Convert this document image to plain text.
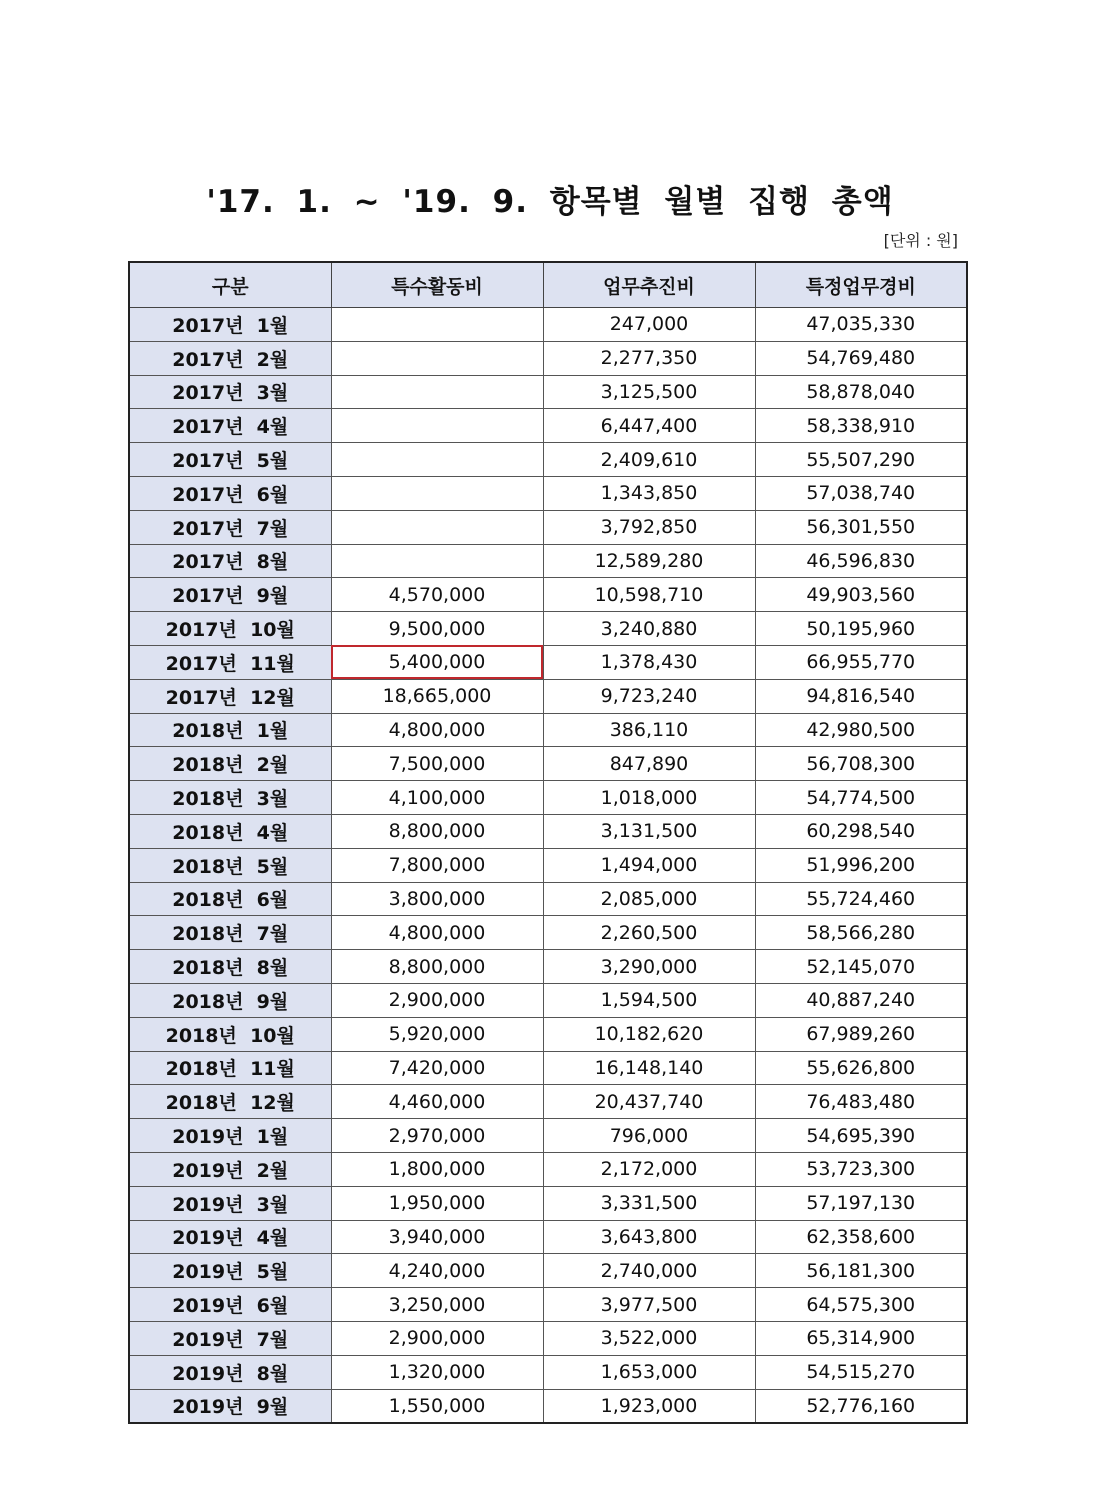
'17. 1. ~ '19. 9. 항목별 월별 집행 총액
[단위 : 원]
구분	특수활동비	업무추진비	특정업무경비
2017년  1월		247,000	47,035,330
2017년  2월		2,277,350	54,769,480
2017년  3월		3,125,500	58,878,040
2017년  4월		6,447,400	58,338,910
2017년  5월		2,409,610	55,507,290
2017년  6월		1,343,850	57,038,740
2017년  7월		3,792,850	56,301,550
2017년  8월		12,589,280	46,596,830
2017년  9월	4,570,000	10,598,710	49,903,560
2017년  10월	9,500,000	3,240,880	50,195,960
2017년  11월	5,400,000	1,378,430	66,955,770
2017년  12월	18,665,000	9,723,240	94,816,540
2018년  1월	4,800,000	386,110	42,980,500
2018년  2월	7,500,000	847,890	56,708,300
2018년  3월	4,100,000	1,018,000	54,774,500
2018년  4월	8,800,000	3,131,500	60,298,540
2018년  5월	7,800,000	1,494,000	51,996,200
2018년  6월	3,800,000	2,085,000	55,724,460
2018년  7월	4,800,000	2,260,500	58,566,280
2018년  8월	8,800,000	3,290,000	52,145,070
2018년  9월	2,900,000	1,594,500	40,887,240
2018년  10월	5,920,000	10,182,620	67,989,260
2018년  11월	7,420,000	16,148,140	55,626,800
2018년  12월	4,460,000	20,437,740	76,483,480
2019년  1월	2,970,000	796,000	54,695,390
2019년  2월	1,800,000	2,172,000	53,723,300
2019년  3월	1,950,000	3,331,500	57,197,130
2019년  4월	3,940,000	3,643,800	62,358,600
2019년  5월	4,240,000	2,740,000	56,181,300
2019년  6월	3,250,000	3,977,500	64,575,300
2019년  7월	2,900,000	3,522,000	65,314,900
2019년  8월	1,320,000	1,653,000	54,515,270
2019년  9월	1,550,000	1,923,000	52,776,160
